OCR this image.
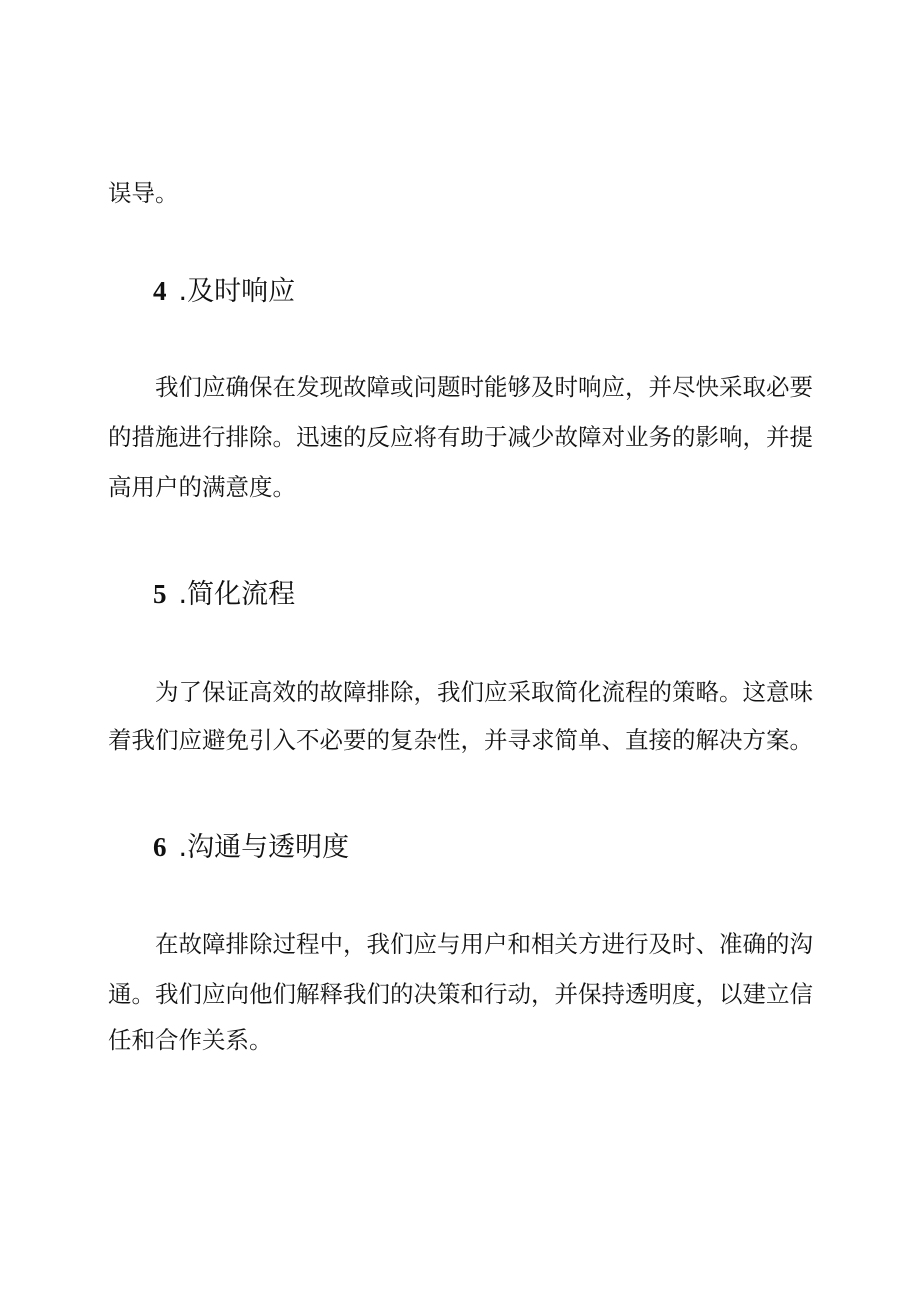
误导。
4 .及时响应
我们应确保在发现故障或问题时能够及时响应，并尽快采取必要
的措施进行排除。迅速的反应将有助于减少故障对业务的影响，并提
高用户的满意度。
5 .简化流程
为了保证高效的故障排除，我们应采取简化流程的策略。这意味
着我们应避免引入不必要的复杂性，并寻求简单、直接的解决方案。
6 .沟通与透明度
在故障排除过程中，我们应与用户和相关方进行及时、准确的沟
通。我们应向他们解释我们的决策和行动，并保持透明度，以建立信
任和合作关系。
